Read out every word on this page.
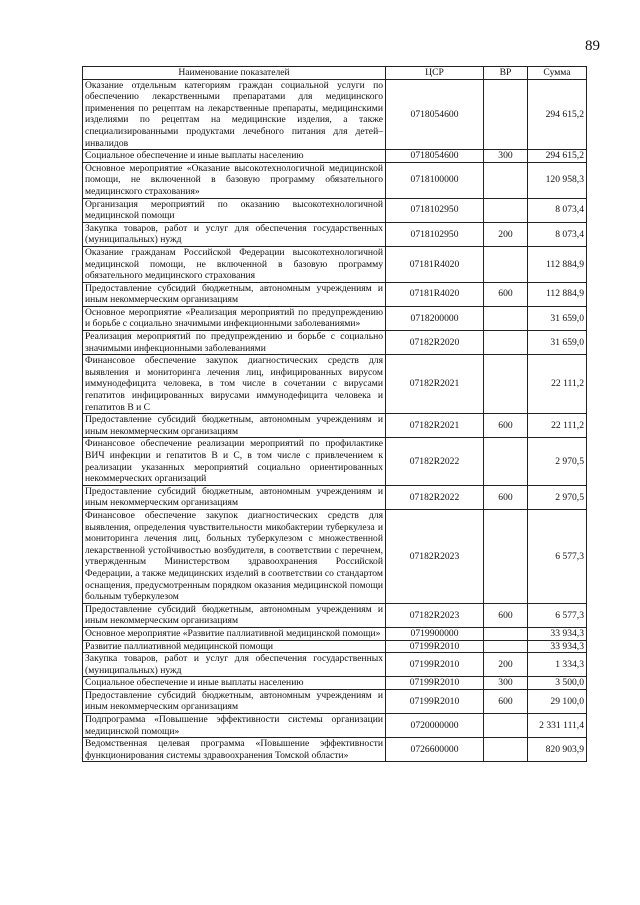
89
Наименование показателей	ЦСР	ВР	Сумма
Оказание отдельным категориям граждан социальной услуги по обеспечению лекарственными препаратами для медицинского применения по рецептам на лекарственные препараты, медицинскими изделиями по рецептам на медицинские изделия, а также специализированными продуктами лечебного питания для детей–инвалидов	0718054600		294 615,2
Социальное обеспечение и иные выплаты населению	0718054600	300	294 615,2
Основное мероприятие «Оказание высокотехнологичной медицинской помощи, не включенной в базовую программу обязательного медицинского страхования»	0718100000		120 958,3
Организация мероприятий по оказанию высокотехнологичной медицинской помощи	0718102950		8 073,4
Закупка товаров, работ и услуг для обеспечения государственных (муниципальных) нужд	0718102950	200	8 073,4
Оказание гражданам Российской Федерации высокотехнологичной медицинской помощи, не включенной в базовую программу обязательного медицинского страхования	07181R4020		112 884,9
Предоставление субсидий бюджетным, автономным учреждениям и иным некоммерческим организациям	07181R4020	600	112 884,9
Основное мероприятие «Реализация мероприятий по предупреждению и борьбе с социально значимыми инфекционными заболеваниями»	0718200000		31 659,0
Реализация мероприятий по предупреждению и борьбе с социально значимыми инфекционными заболеваниями	07182R2020		31 659,0
Финансовое обеспечение закупок диагностических средств для выявления и мониторинга лечения лиц, инфицированных вирусом иммунодефицита человека, в том числе в сочетании с вирусами гепатитов инфицированных вирусами иммунодефицита человека и гепатитов В и С	07182R2021		22 111,2
Предоставление субсидий бюджетным, автономным учреждениям и иным некоммерческим организациям	07182R2021	600	22 111,2
Финансовое обеспечение реализации мероприятий по профилактике ВИЧ инфекции и гепатитов В и С, в том числе с привлечением к реализации указанных мероприятий социально ориентированных некоммерческих организаций	07182R2022		2 970,5
Предоставление субсидий бюджетным, автономным учреждениям и иным некоммерческим организациям	07182R2022	600	2 970,5
Финансовое обеспечение закупок диагностических средств для выявления, определения чувствительности микобактерии туберкулеза и мониторинга лечения лиц, больных туберкулезом с множественной лекарственной устойчивостью возбудителя, в соответствии с перечнем, утвержденным Министерством здравоохранения Российской Федерации, а также медицинских изделий в соответствии со стандартом оснащения, предусмотренным порядком оказания медицинской помощи больным туберкулезом	07182R2023		6 577,3
Предоставление субсидий бюджетным, автономным учреждениям и иным некоммерческим организациям	07182R2023	600	6 577,3
Основное мероприятие «Развитие паллиативной медицинской помощи»	0719900000		33 934,3
Развитие паллиативной медицинской помощи	07199R2010		33 934,3
Закупка товаров, работ и услуг для обеспечения государственных (муниципальных) нужд	07199R2010	200	1 334,3
Социальное обеспечение и иные выплаты населению	07199R2010	300	3 500,0
Предоставление субсидий бюджетным, автономным учреждениям и иным некоммерческим организациям	07199R2010	600	29 100,0
Подпрограмма «Повышение эффективности системы организации медицинской помощи»	0720000000		2 331 111,4
Ведомственная целевая программа «Повышение эффективности функционирования системы здравоохранения Томской области»	0726600000		820 903,9
